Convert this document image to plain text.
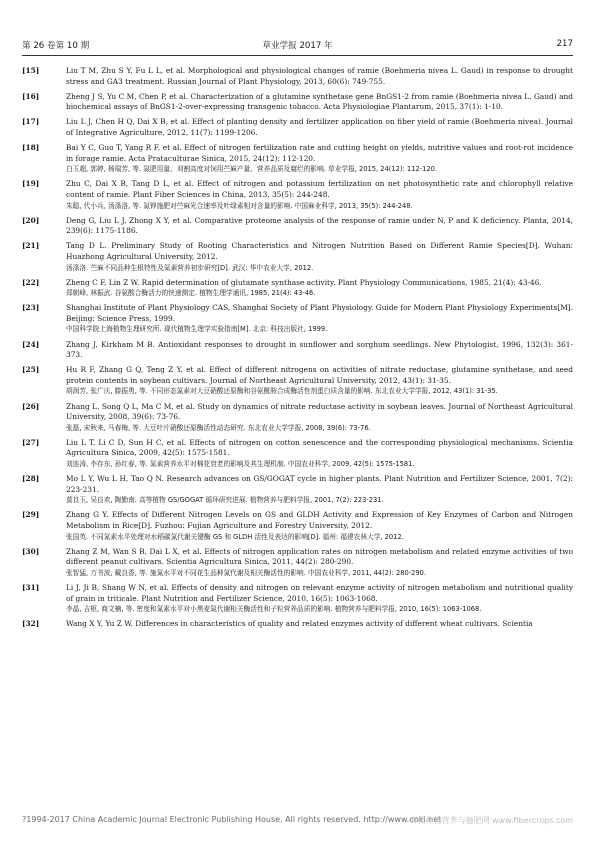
第 26 卷第 10 期	草业学报 2017 年	217
[15]	Liu T M, Zhu S Y, Fu L L, et al. Morphological and physiological changes of ramie (Boehmeria nivea L. Gaud) in response to drought stress and GA3 treatment. Russian Journal of Plant Physiology, 2013, 60(6): 749-755.
[16]	Zheng J S, Yu C M, Chen P, et al. Characterization of a glutamine synthetase gene BnGS1-2 from ramie (Boehmeria nivea L. Gaud) and biochemical assays of BnGS1-2-over-expressing transgenic tobacco. Acta Physiologiae Plantarum, 2015, 37(1): 1-10.
[17]	Liu L J, Chen H Q, Dai X B, et al. Effect of planting density and fertilizer application on fiber yield of ramie (Boehmeria nivea). Journal of Integrative Agriculture, 2012, 11(7): 1199-1206.
[18]	Bai Y C, Guo T, Yang R F, et al. Effect of nitrogen fertilization rate and cutting height on yields, nutritive values and root-rot incidence in forage ramie. Acta Prataculturae Sinica, 2015, 24(12): 112-120.
白玉超, 郭婷, 杨瑞芳, 等. 氮肥用量、刈割高度对饲用苎麻产量、营养品质及腐烂的影响. 草业学报, 2015, 24(12): 112-120.
[19]	Zhu C, Dai X B, Tang D L, et al. Effect of nitrogen and potassium fertilization on net photosynthetic rate and chlorophyll relative content of ramie. Plant Fiber Sciences in China, 2013, 35(5): 244-248.
朱聪, 代小兵, 汤涤洛, 等. 氮钾施肥对苎麻光合速率及叶绿素相对含量的影响. 中国麻业科学, 2013, 35(5): 244-248.
[20]	Deng G, Liu L J, Zhong X Y, et al. Comparative proteome analysis of the response of ramie under N, P and K deficiency. Planta, 2014, 239(6): 1175-1186.
[21]	Tang D L. Preliminary Study of Rooting Characteristics and Nitrogen Nutrition Based on Different Ramie Species[D]. Wuhan: Huazhong Agricultural University, 2012.
汤涤洛. 苎麻不同品种生根特性及氮素营养初步研究[D]. 武汉: 华中农业大学, 2012.
[22]	Zheng C F, Lin Z W. Rapid determination of glutamate synthase activity. Plant Physiology Communications, 1985, 21(4): 43-46.
郑朝峰, 林振武. 谷氨酸合酶活力的快速测定. 植物生理学通讯, 1985, 21(4): 43-46.
[23]	Shanghai Institute of Plant Physiology CAS, Shanghai Society of Plant Physiology. Guide for Modern Plant Physiology Experiments[M]. Beijing: Science Press, 1999.
中国科学院上海植物生理研究所. 现代植物生理学实验指南[M]. 北京: 科技出版社, 1999.
[24]	Zhang J, Kirkham M B. Antioxidant responses to drought in sunflower and sorghum seedlings. New Phytologist, 1996, 132(3): 361-373.
[25]	Hu R F, Zhang G Q, Teng Z Y, et al. Effect of different nitrogens on activities of nitrate reductase, glutamine synthetase, and seed protein contents in soybean cultivars. Journal of Northeast Agricultural University, 2012, 43(1): 31-35.
胡润芳, 张广庆, 滕振勇, 等. 不同形态氮素对大豆硝酸还原酶和谷氨酰胺合成酶活性剂蛋白质含量的影响. 东北农业大学学报, 2012, 43(1): 31-35.
[26]	Zhang L, Song Q L, Ma C M, et al. Study on dynamics of nitrate reductase activity in soybean leaves. Journal of Northeast Agricultural University, 2008, 39(6): 73-76.
张磊, 宋秋来, 马春梅, 等. 大豆叶片硝酸还原酶活性动态研究. 东北农业大学学报, 2008, 39(6): 73-76.
[27]	Liu L T, Li C D, Sun H C, et al. Effects of nitrogen on cotton senescence and the corresponding physiological mechanisms. Scientia Agricultura Sinica, 2009, 42(5): 1575-1581.
刘连涛, 李存东, 孙红春, 等. 氮素营养水平对棉花衰老的影响及其生理机制. 中国农业科学, 2009, 42(5): 1575-1581.
[28]	Mo L Y, Wu L H, Tao Q N. Research advances on GS/GOGAT cycle in higher plants. Plant Nutrition and Fertilizer Science, 2001, 7(2): 223-231.
莫良玉, 吴良欢, 陶勤南. 高等植物 GS/GOGAT 循环研究进展. 植物营养与肥料学报, 2001, 7(2): 223-231.
[29]	Zhang G Y. Effects of Different Nitrogen Levels on GS and GLDH Activity and Expression of Key Enzymes of Carbon and Nitrogen Metabolism in Rice[D]. Fuzhou: Fujian Agriculture and Forestry University, 2012.
张国英. 不同氮素水平处理对水稻碳氮代谢关键酶 GS 和 GLDH 活性及表达的影响[D]. 福州: 福建农林大学, 2012.
[30]	Zhang Z M, Wan S B, Dai L X, et al. Effects of nitrogen application rates on nitrogen metabolism and related enzyme activities of two different peanut cultivars. Scientia Agricultura Sinica, 2011, 44(2): 280-290.
张智猛, 万书波, 戴良香, 等. 施氮水平对不同花生品种氮代谢及相关酶活性的影响. 中国农业科学, 2011, 44(2): 280-290.
[31]	Li J, Ji B, Shang W N, et al. Effects of density and nitrogen on relevant enzyme activity of nitrogen metabolism and nutritional quality of grain in triticale. Plant Nutrition and Fertilizer Science, 2010, 16(5): 1063-1068.
李晶, 吉枢, 商文楠, 等. 密度和氮素水平对小黑麦氮代谢相关酶活性和子粒营养品质的影响. 植物营养与肥料学报, 2010, 16(5): 1063-1068.
[32]	Wang X Y, Yu Z W. Differences in characteristics of quality and related enzymes activity of different wheat cultivars. Scientia
?1994-2017 China Academic Journal Electronic Publishing House. All rights reserved. http://www.cnki.net
麻类作物营养与施肥网 www.fibercrops.com
